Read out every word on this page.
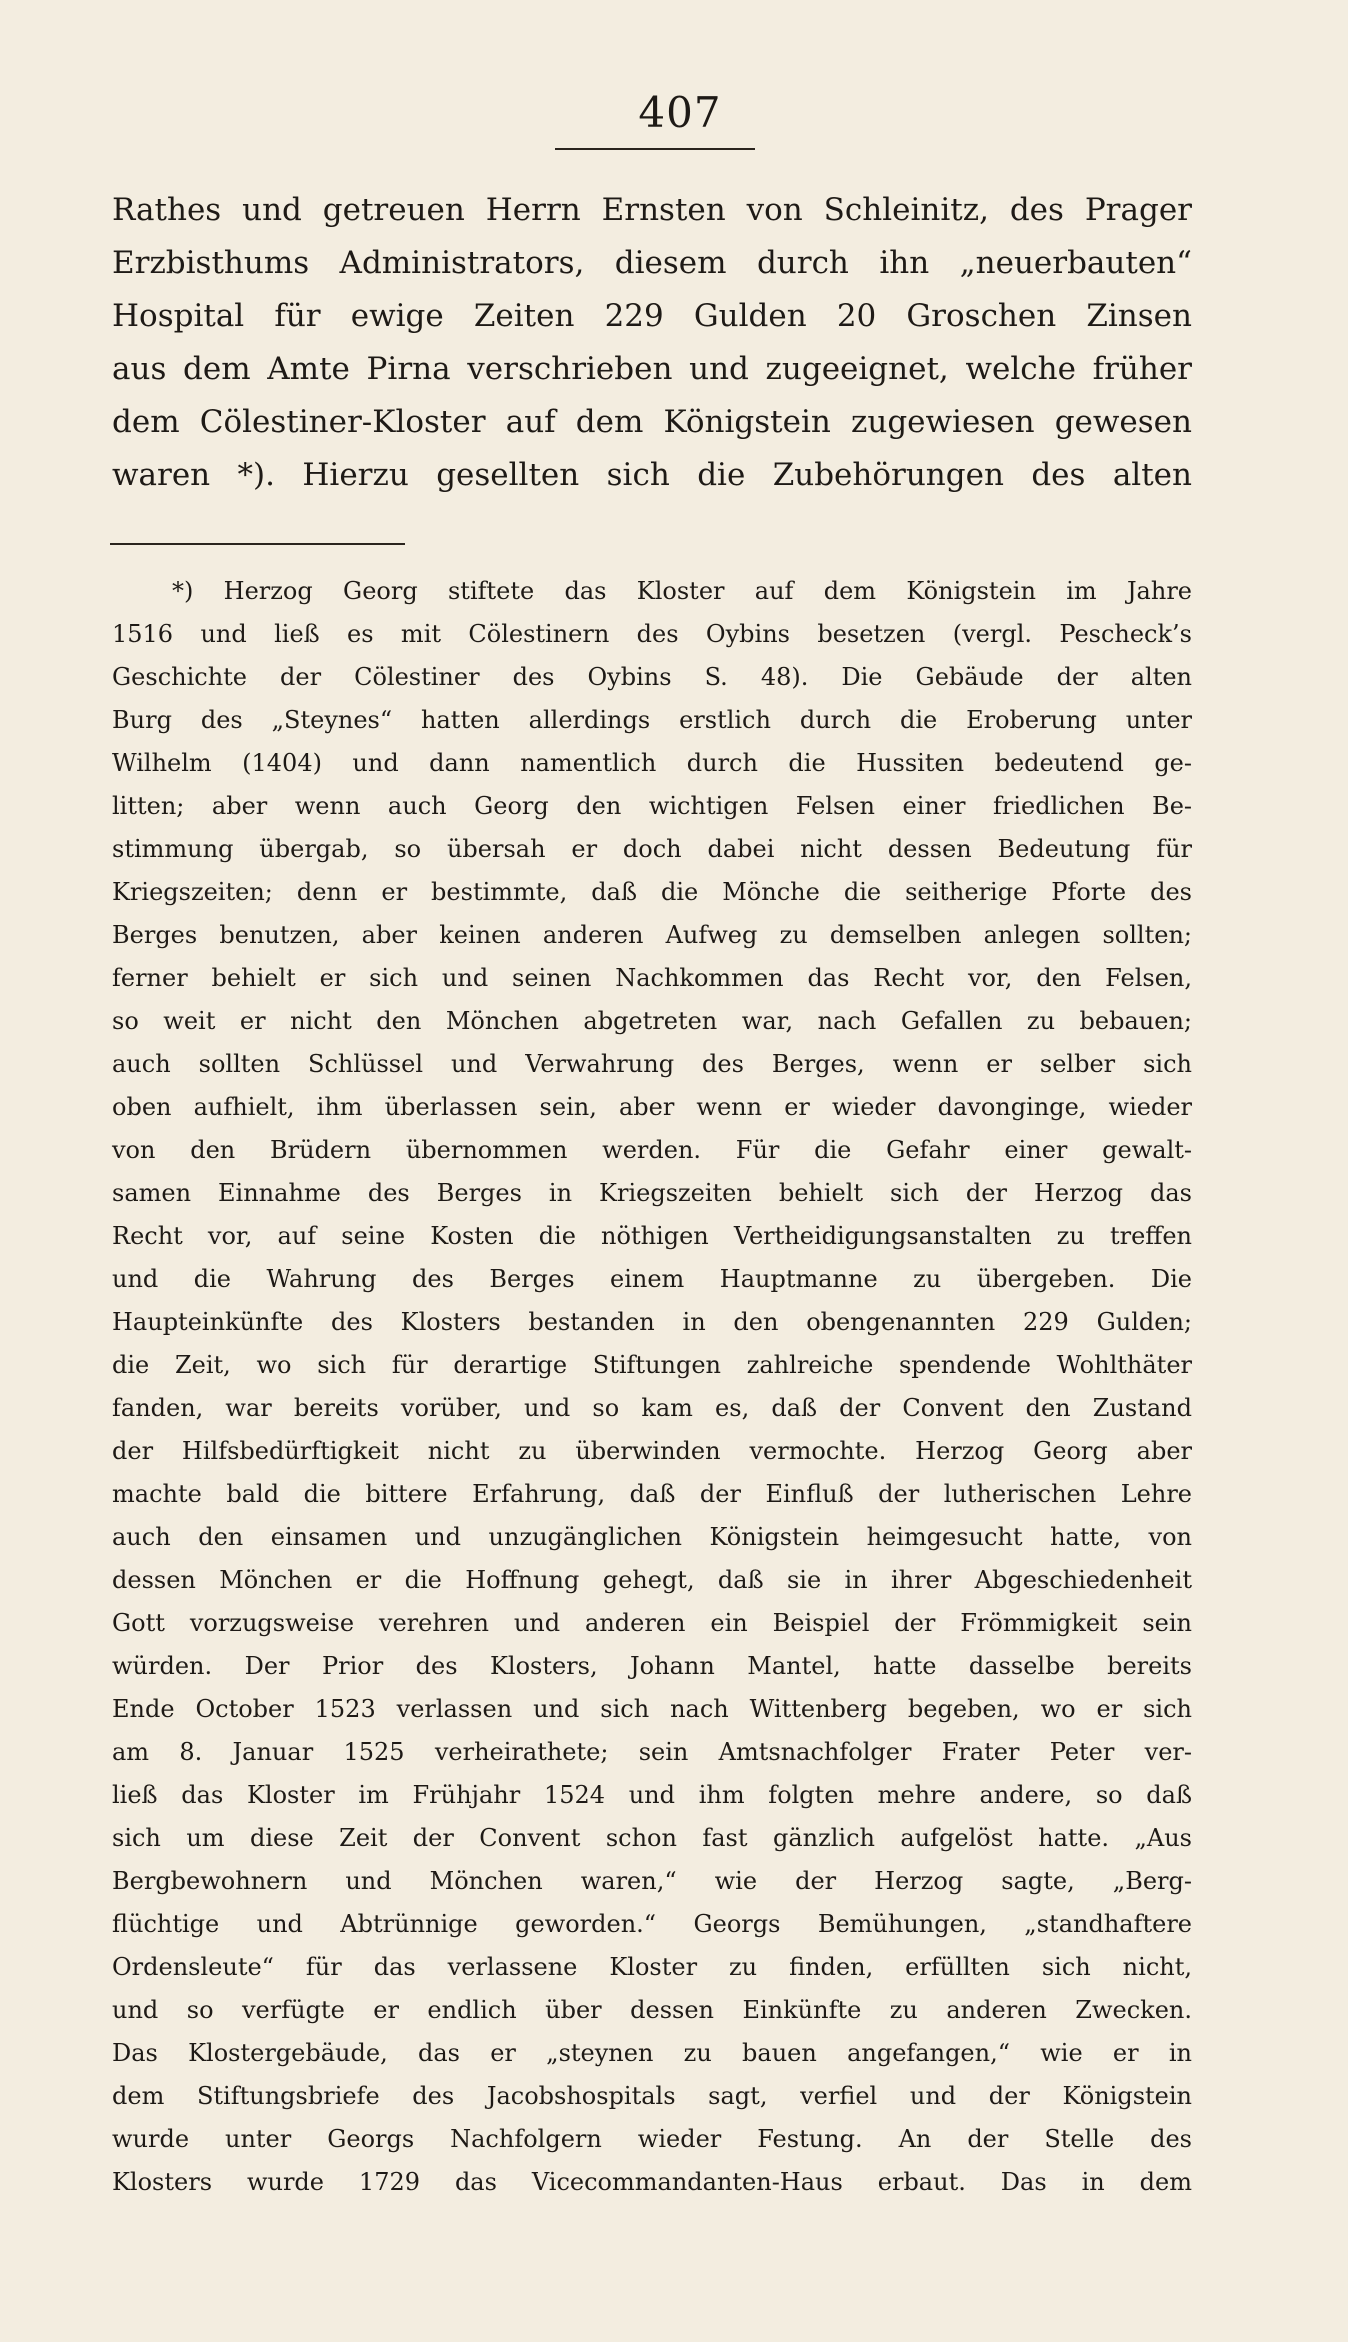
407
Rathes und getreuen Herrn Ernsten von Schleinitz, des Prager
Erzbisthums Administrators, diesem durch ihn „neuerbauten“
Hospital für ewige Zeiten 229 Gulden 20 Groschen Zinsen
aus dem Amte Pirna verschrieben und zugeeignet, welche früher
dem Cölestiner-Kloster auf dem Königstein zugewiesen gewesen
waren *). Hierzu gesellten sich die Zubehörungen des alten
*) Herzog Georg stiftete das Kloster auf dem Königstein im Jahre
1516 und ließ es mit Cölestinern des Oybins besetzen (vergl. Pescheck’s
Geschichte der Cölestiner des Oybins S. 48). Die Gebäude der alten
Burg des „Steynes“ hatten allerdings erstlich durch die Eroberung unter
Wilhelm (1404) und dann namentlich durch die Hussiten bedeutend ge-
litten; aber wenn auch Georg den wichtigen Felsen einer friedlichen Be-
stimmung übergab, so übersah er doch dabei nicht dessen Bedeutung für
Kriegszeiten; denn er bestimmte, daß die Mönche die seitherige Pforte des
Berges benutzen, aber keinen anderen Aufweg zu demselben anlegen sollten;
ferner behielt er sich und seinen Nachkommen das Recht vor, den Felsen,
so weit er nicht den Mönchen abgetreten war, nach Gefallen zu bebauen;
auch sollten Schlüssel und Verwahrung des Berges, wenn er selber sich
oben aufhielt, ihm überlassen sein, aber wenn er wieder davonginge, wieder
von den Brüdern übernommen werden. Für die Gefahr einer gewalt-
samen Einnahme des Berges in Kriegszeiten behielt sich der Herzog das
Recht vor, auf seine Kosten die nöthigen Vertheidigungsanstalten zu treffen
und die Wahrung des Berges einem Hauptmanne zu übergeben. Die
Haupteinkünfte des Klosters bestanden in den obengenannten 229 Gulden;
die Zeit, wo sich für derartige Stiftungen zahlreiche spendende Wohlthäter
fanden, war bereits vorüber, und so kam es, daß der Convent den Zustand
der Hilfsbedürftigkeit nicht zu überwinden vermochte. Herzog Georg aber
machte bald die bittere Erfahrung, daß der Einfluß der lutherischen Lehre
auch den einsamen und unzugänglichen Königstein heimgesucht hatte, von
dessen Mönchen er die Hoffnung gehegt, daß sie in ihrer Abgeschiedenheit
Gott vorzugsweise verehren und anderen ein Beispiel der Frömmigkeit sein
würden. Der Prior des Klosters, Johann Mantel, hatte dasselbe bereits
Ende October 1523 verlassen und sich nach Wittenberg begeben, wo er sich
am 8. Januar 1525 verheirathete; sein Amtsnachfolger Frater Peter ver-
ließ das Kloster im Frühjahr 1524 und ihm folgten mehre andere, so daß
sich um diese Zeit der Convent schon fast gänzlich aufgelöst hatte. „Aus
Bergbewohnern und Mönchen waren,“ wie der Herzog sagte, „Berg-
flüchtige und Abtrünnige geworden.“ Georgs Bemühungen, „standhaftere
Ordensleute“ für das verlassene Kloster zu finden, erfüllten sich nicht,
und so verfügte er endlich über dessen Einkünfte zu anderen Zwecken.
Das Klostergebäude, das er „steynen zu bauen angefangen,“ wie er in
dem Stiftungsbriefe des Jacobshospitals sagt, verfiel und der Königstein
wurde unter Georgs Nachfolgern wieder Festung. An der Stelle des
Klosters wurde 1729 das Vicecommandanten-Haus erbaut. Das in dem
